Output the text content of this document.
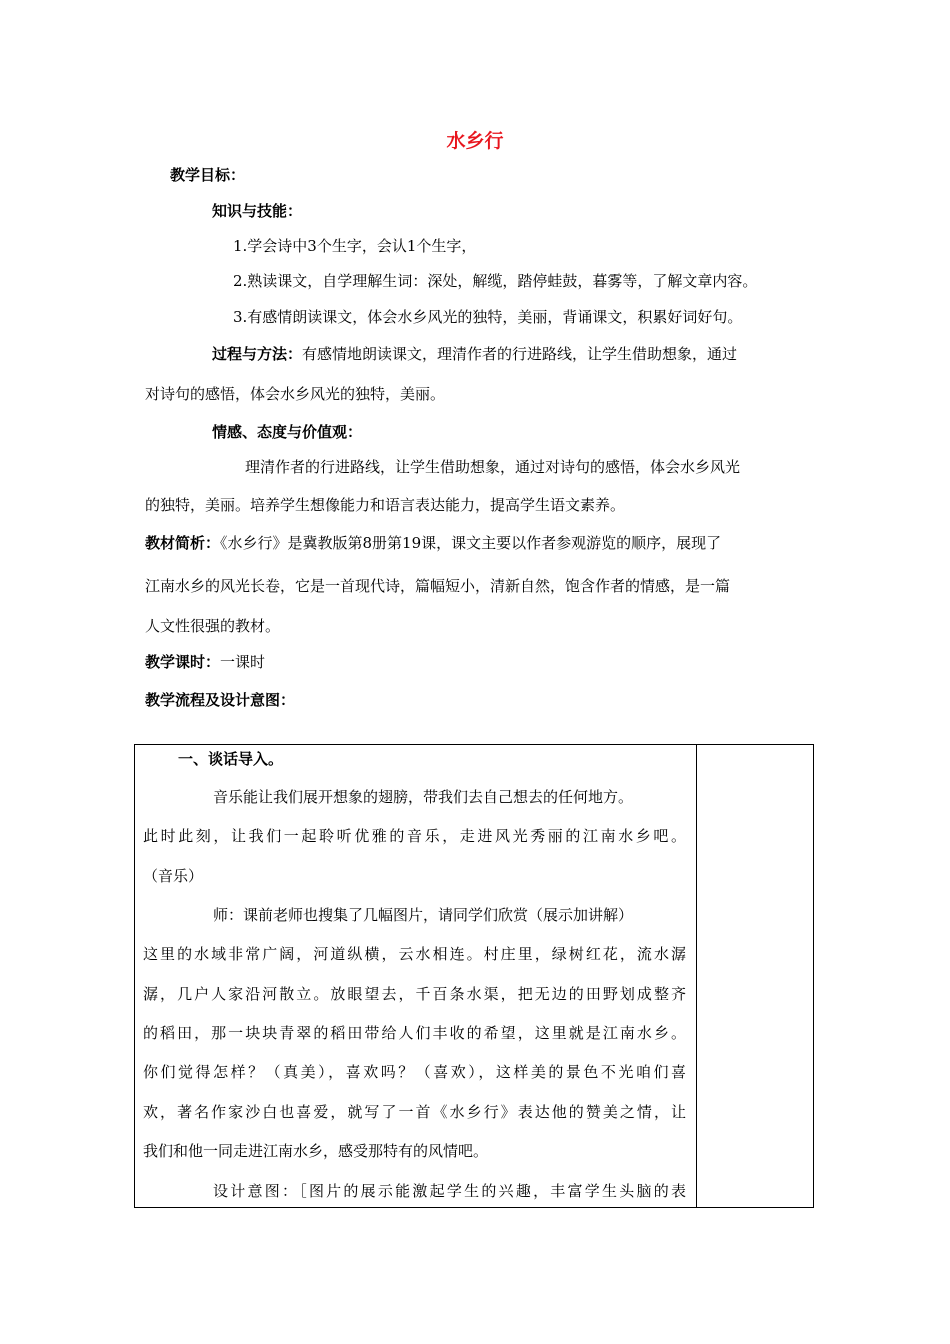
水乡行
教学目标：
知识与技能：
1.学会诗中3个生字，会认1个生字，
2.熟读课文，自学理解生词：深处，解缆，踏停蛙鼓，暮雾等，了解文章内容。
3.有感情朗读课文，体会水乡风光的独特，美丽，背诵课文，积累好词好句。
过程与方法：有感情地朗读课文，理清作者的行进路线，让学生借助想象，通过
对诗句的感悟，体会水乡风光的独特，美丽。
情感、态度与价值观：
理清作者的行进路线，让学生借助想象，通过对诗句的感悟，体会水乡风光
的独特，美丽。培养学生想像能力和语言表达能力，提高学生语文素养。
教材简析：《水乡行》是冀教版第8册第19课，课文主要以作者参观游览的顺序，展现了
江南水乡的风光长卷，它是一首现代诗，篇幅短小，清新自然，饱含作者的情感，是一篇
人文性很强的教材。
教学课时：一课时
教学流程及设计意图：
一、谈话导入。
音乐能让我们展开想象的翅膀，带我们去自己想去的任何地方。
此时此刻，让我们一起聆听优雅的音乐，走进风光秀丽的江南水乡吧。
（音乐）
师：课前老师也搜集了几幅图片，请同学们欣赏（展示加讲解）
这里的水域非常广阔，河道纵横，云水相连。村庄里，绿树红花，流水潺
潺，几户人家沿河散立。放眼望去，千百条水渠，把无边的田野划成整齐
的稻田，那一块块青翠的稻田带给人们丰收的希望，这里就是江南水乡。
你们觉得怎样？（真美），喜欢吗？（喜欢），这样美的景色不光咱们喜
欢，著名作家沙白也喜爱，就写了一首《水乡行》表达他的赞美之情，让
我们和他一同走进江南水乡，感受那特有的风情吧。
设计意图：［图片的展示能激起学生的兴趣，丰富学生头脑的表
